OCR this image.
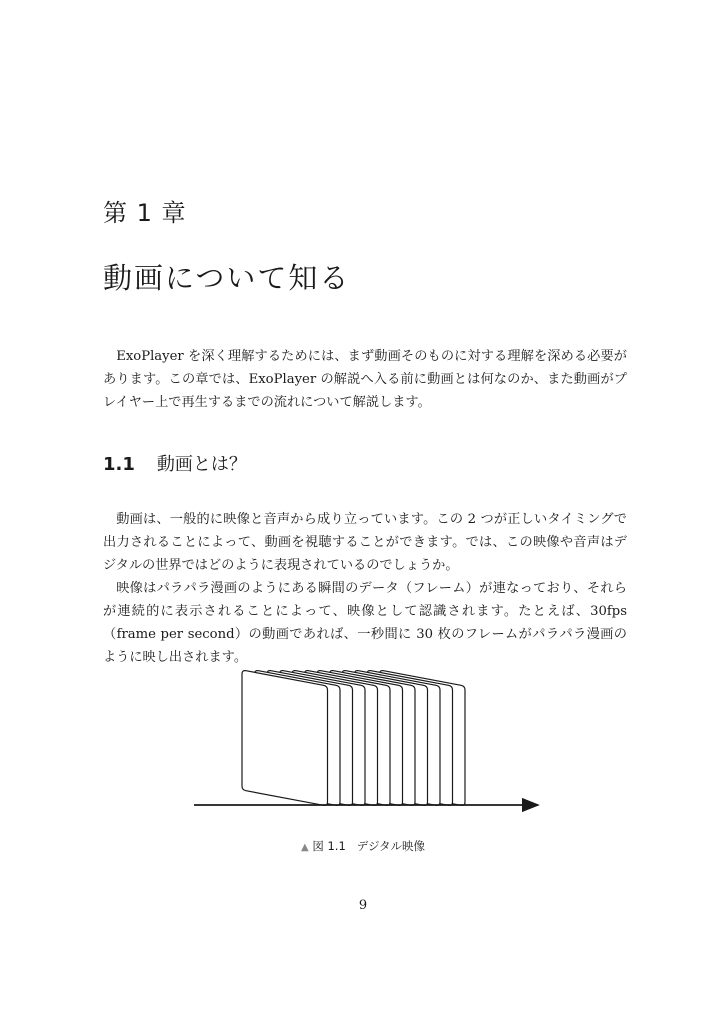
第 1 章
動画について知る

ExoPlayer を深く理解するためには、まず動画そのものに対する理解を深める必要があります。この章では、ExoPlayer の解説へ入る前に動画とは何なのか、また動画がプレイヤー上で再生するまでの流れについて解説します。

1.1 動画とは？

動画は、一般的に映像と音声から成り立っています。この 2 つが正しいタイミングで出力されることによって、動画を視聴することができます。では、この映像や音声はデジタルの世界ではどのように表現されているのでしょうか。

映像はパラパラ漫画のようにある瞬間のデータ（フレーム）が連なっており、それらが連続的に表示されることによって、映像として認識されます。たとえば、30fps（frame per second）の動画であれば、一秒間に 30 枚のフレームがパラパラ漫画のように映し出されます。

▲ 図 1.1 デジタル映像
9
